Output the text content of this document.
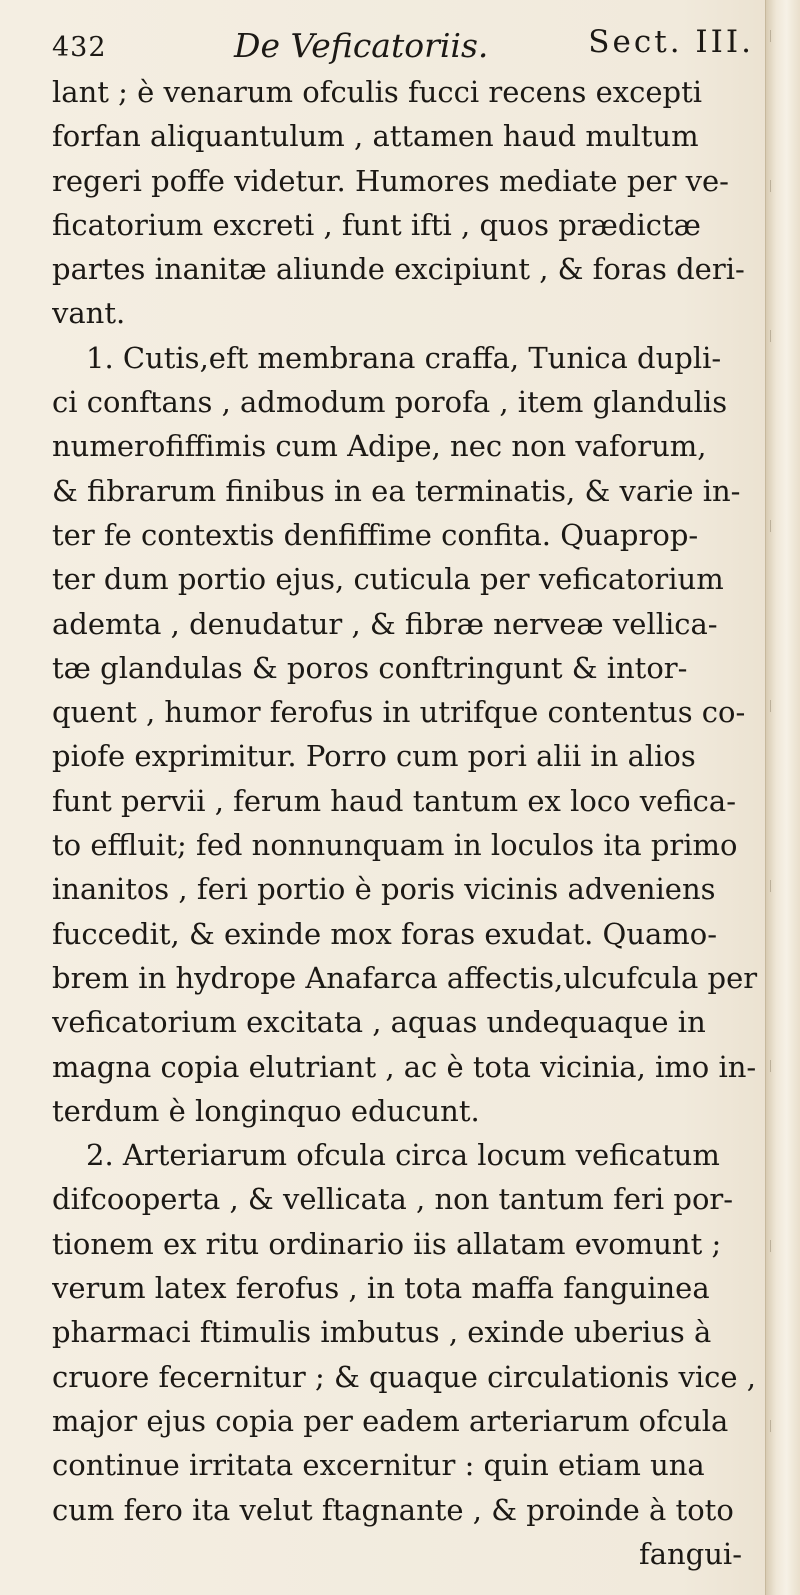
432	De Veficatoriis.	Sect. III.
lant ; è venarum ofculis fucci recens excepti
forfan aliquantulum , attamen haud multum
regeri poffe videtur. Humores mediate per ve-
ficatorium excreti , funt ifti , quos prædictæ
partes inanitæ aliunde excipiunt , & foras deri-
vant.
1. Cutis,eft membrana craffa, Tunica dupli-
ci conftans , admodum porofa , item glandulis
numerofiffimis cum Adipe, nec non vaforum,
& fibrarum finibus in ea terminatis, & varie in-
ter fe contextis denfiffime confita. Quaprop-
ter dum portio ejus, cuticula per veficatorium
ademta , denudatur , & fibræ nerveæ vellica-
tæ glandulas & poros conftringunt & intor-
quent , humor ferofus in utrifque contentus co-
piofe exprimitur. Porro cum pori alii in alios
funt pervii , ferum haud tantum ex loco vefica-
to effluit; fed nonnunquam in loculos ita primo
inanitos , feri portio è poris vicinis adveniens
fuccedit, & exinde mox foras exudat. Quamo-
brem in hydrope Anafarca affectis,ulcufcula per
veficatorium excitata , aquas undequaque in
magna copia elutriant , ac è tota vicinia, imo in-
terdum è longinquo educunt.
2. Arteriarum ofcula circa locum veficatum
difcooperta , & vellicata , non tantum feri por-
tionem ex ritu ordinario iis allatam evomunt ;
verum latex ferofus , in tota maffa fanguinea
pharmaci ftimulis imbutus , exinde uberius à
cruore fecernitur ; & quaque circulationis vice ,
major ejus copia per eadem arteriarum ofcula
continue irritata excernitur : quin etiam una
cum fero ita velut ftagnante , & proinde à toto
fangui-
